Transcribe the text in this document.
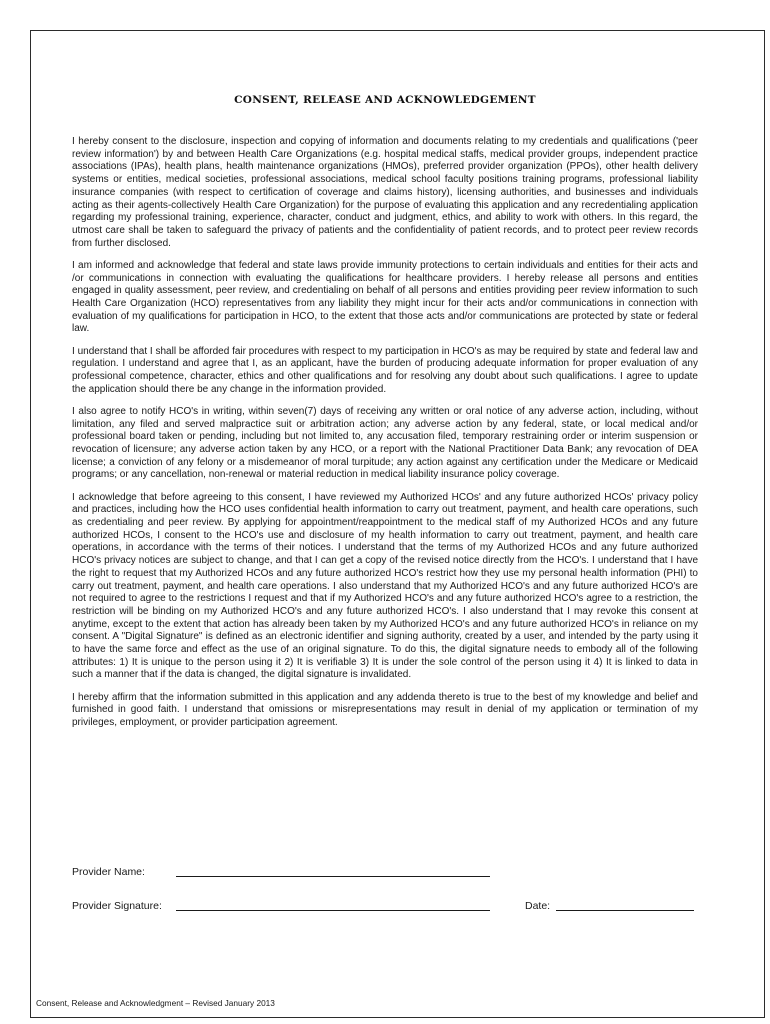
CONSENT, RELEASE AND ACKNOWLEDGEMENT

I hereby consent to the disclosure, inspection and copying of information and documents relating to my credentials and qualifications ('peer review information') by and between Health Care Organizations (e.g. hospital medical staffs, medical provider groups, independent practice associations (IPAs), health plans, health maintenance organizations (HMOs), preferred provider organization (PPOs), other health delivery systems or entities, medical societies, professional associations, medical school faculty positions training programs, professional liability insurance companies (with respect to certification of coverage and claims history), licensing authorities, and businesses and individuals acting as their agents-collectively Health Care Organization) for the purpose of evaluating this application and any recredentialing application regarding my professional training, experience, character, conduct and judgment, ethics, and ability to work with others. In this regard, the utmost care shall be taken to safeguard the privacy of patients and the confidentiality of patient records, and to protect peer review records from further disclosed.

I am informed and acknowledge that federal and state laws provide immunity protections to certain individuals and entities for their acts and /or communications in connection with evaluating the qualifications for healthcare providers. I hereby release all persons and entities engaged in quality assessment, peer review, and credentialing on behalf of all persons and entities providing peer review information to such Health Care Organization (HCO) representatives from any liability they might incur for their acts and/or communications in connection with evaluation of my qualifications for participation in HCO, to the extent that those acts and/or communications are protected by state or federal law.

I understand that I shall be afforded fair procedures with respect to my participation in HCO's as may be required by state and federal law and regulation. I understand and agree that I, as an applicant, have the burden of producing adequate information for proper evaluation of any professional competence, character, ethics and other qualifications and for resolving any doubt about such qualifications. I agree to update the application should there be any change in the information provided.

I also agree to notify HCO's in writing, within seven(7) days of receiving any written or oral notice of any adverse action, including, without limitation, any filed and served malpractice suit or arbitration action; any adverse action by any federal, state, or local medical and/or professional board taken or pending, including but not limited to, any accusation filed, temporary restraining order or interim suspension or revocation of licensure; any adverse action taken by any HCO, or a report with the National Practitioner Data Bank; any revocation of DEA license; a conviction of any felony or a misdemeanor of moral turpitude; any action against any certification under the Medicare or Medicaid programs; or any cancellation, non-renewal or material reduction in medical liability insurance policy coverage.

I acknowledge that before agreeing to this consent, I have reviewed my Authorized HCOs' and any future authorized HCOs' privacy policy and practices, including how the HCO uses confidential health information to carry out treatment, payment, and health care operations, such as credentialing and peer review. By applying for appointment/reappointment to the medical staff of my Authorized HCOs and any future authorized HCOs, I consent to the HCO's use and disclosure of my health information to carry out treatment, payment, and health care operations, in accordance with the terms of their notices. I understand that the terms of my Authorized HCOs and any future authorized HCO's privacy notices are subject to change, and that I can get a copy of the revised notice directly from the HCO's. I understand that I have the right to request that my Authorized HCOs and any future authorized HCO's restrict how they use my personal health information (PHI) to carry out treatment, payment, and health care operations. I also understand that my Authorized HCO's and any future authorized HCO's are not required to agree to the restrictions I request and that if my Authorized HCO's and any future authorized HCO's agree to a restriction, the restriction will be binding on my Authorized HCO's and any future authorized HCO's. I also understand that I may revoke this consent at anytime, except to the extent that action has already been taken by my Authorized HCO's and any future authorized HCO's in reliance on my consent. A "Digital Signature" is defined as an electronic identifier and signing authority, created by a user, and intended by the party using it to have the same force and effect as the use of an original signature. To do this, the digital signature needs to embody all of the following attributes: 1) It is unique to the person using it 2) It is verifiable 3) It is under the sole control of the person using it 4) It is linked to data in such a manner that if the data is changed, the digital signature is invalidated.

I hereby affirm that the information submitted in this application and any addenda thereto is true to the best of my knowledge and belief and furnished in good faith. I understand that omissions or misrepresentations may result in denial of my application or termination of my privileges, employment, or provider participation agreement.

Provider Name:
Provider Signature:	Date:
Consent, Release and Acknowledgment – Revised January 2013
